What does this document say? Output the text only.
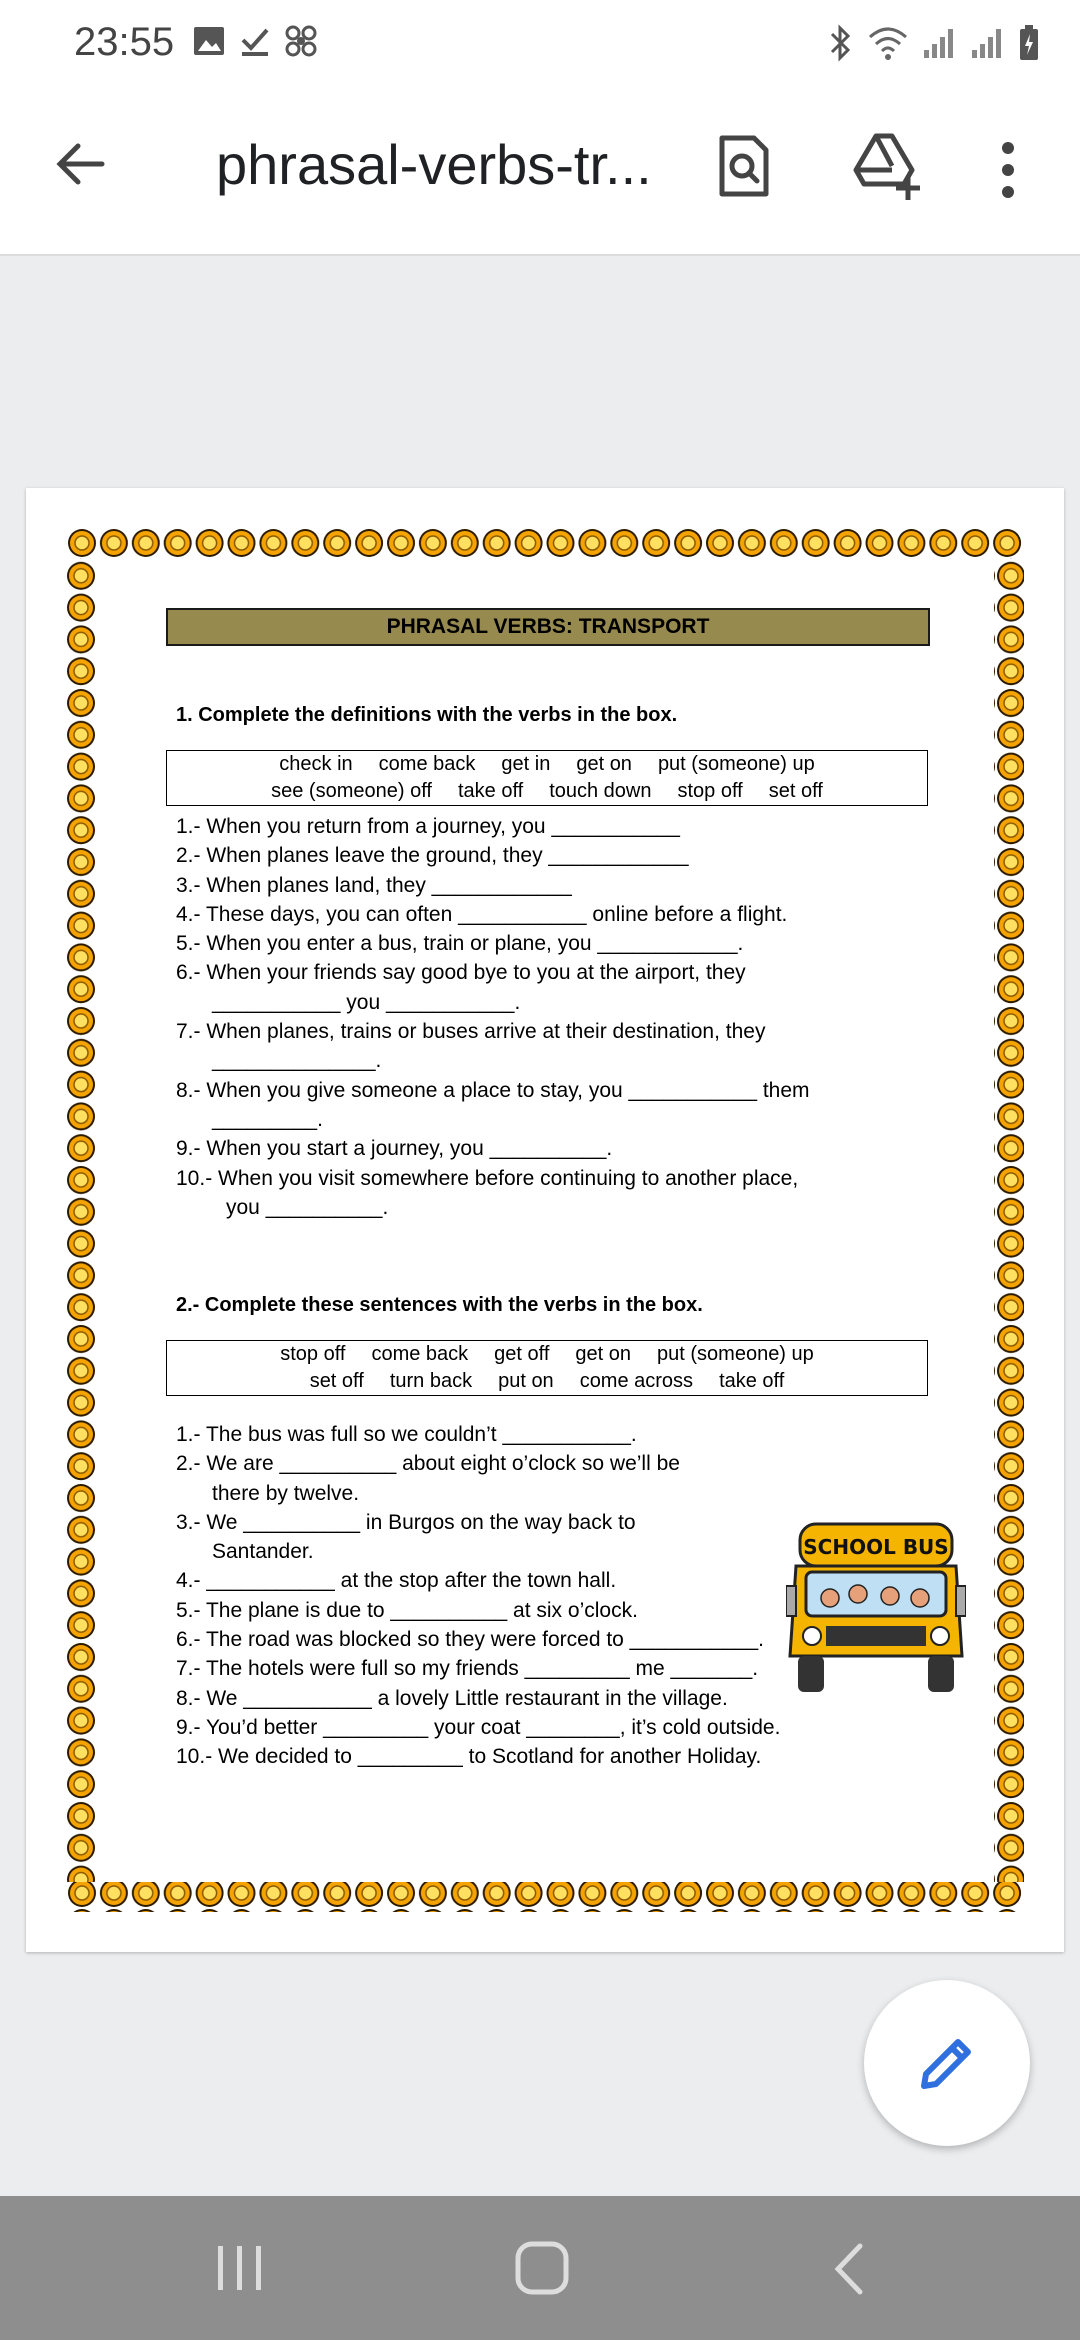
23:55
phrasal-verbs-tr...
PHRASAL VERBS: TRANSPORT
1. Complete the definitions with the verbs in the box.
check in come back get in get on put (someone) up
see (someone) off take off touch down stop off set off
1.- When you return from a journey, you ___________
2.- When planes leave the ground, they ____________
3.- When planes land, they ____________
4.- These days, you can often ___________ online before a flight.
5.- When you enter a bus, train or plane, you ____________.
6.- When your friends say good bye to you at the airport, they
___________ you ___________.
7.- When planes, trains or buses arrive at their destination, they
______________.
8.- When you give someone a place to stay, you ___________ them
_________.
9.- When you start a journey, you __________.
10.- When you visit somewhere before continuing to another place,
you __________.
2.- Complete these sentences with the verbs in the box.
stop off come back get off get on put (someone) up
set off turn back put on come across take off
1.- The bus was full so we couldn’t ___________.
2.- We are __________ about eight o’clock so we’ll be
there by twelve.
3.- We __________ in Burgos on the way back to
Santander.
4.- ___________ at the stop after the town hall.
5.- The plane is due to __________ at six o’clock.
6.- The road was blocked so they were forced to ___________.
7.- The hotels were full so my friends _________ me _______.
8.- We ___________ a lovely Little restaurant in the village.
9.- You’d better _________ your coat ________, it’s cold outside.
10.- We decided to _________ to Scotland for another Holiday.
SCHOOL BUS
